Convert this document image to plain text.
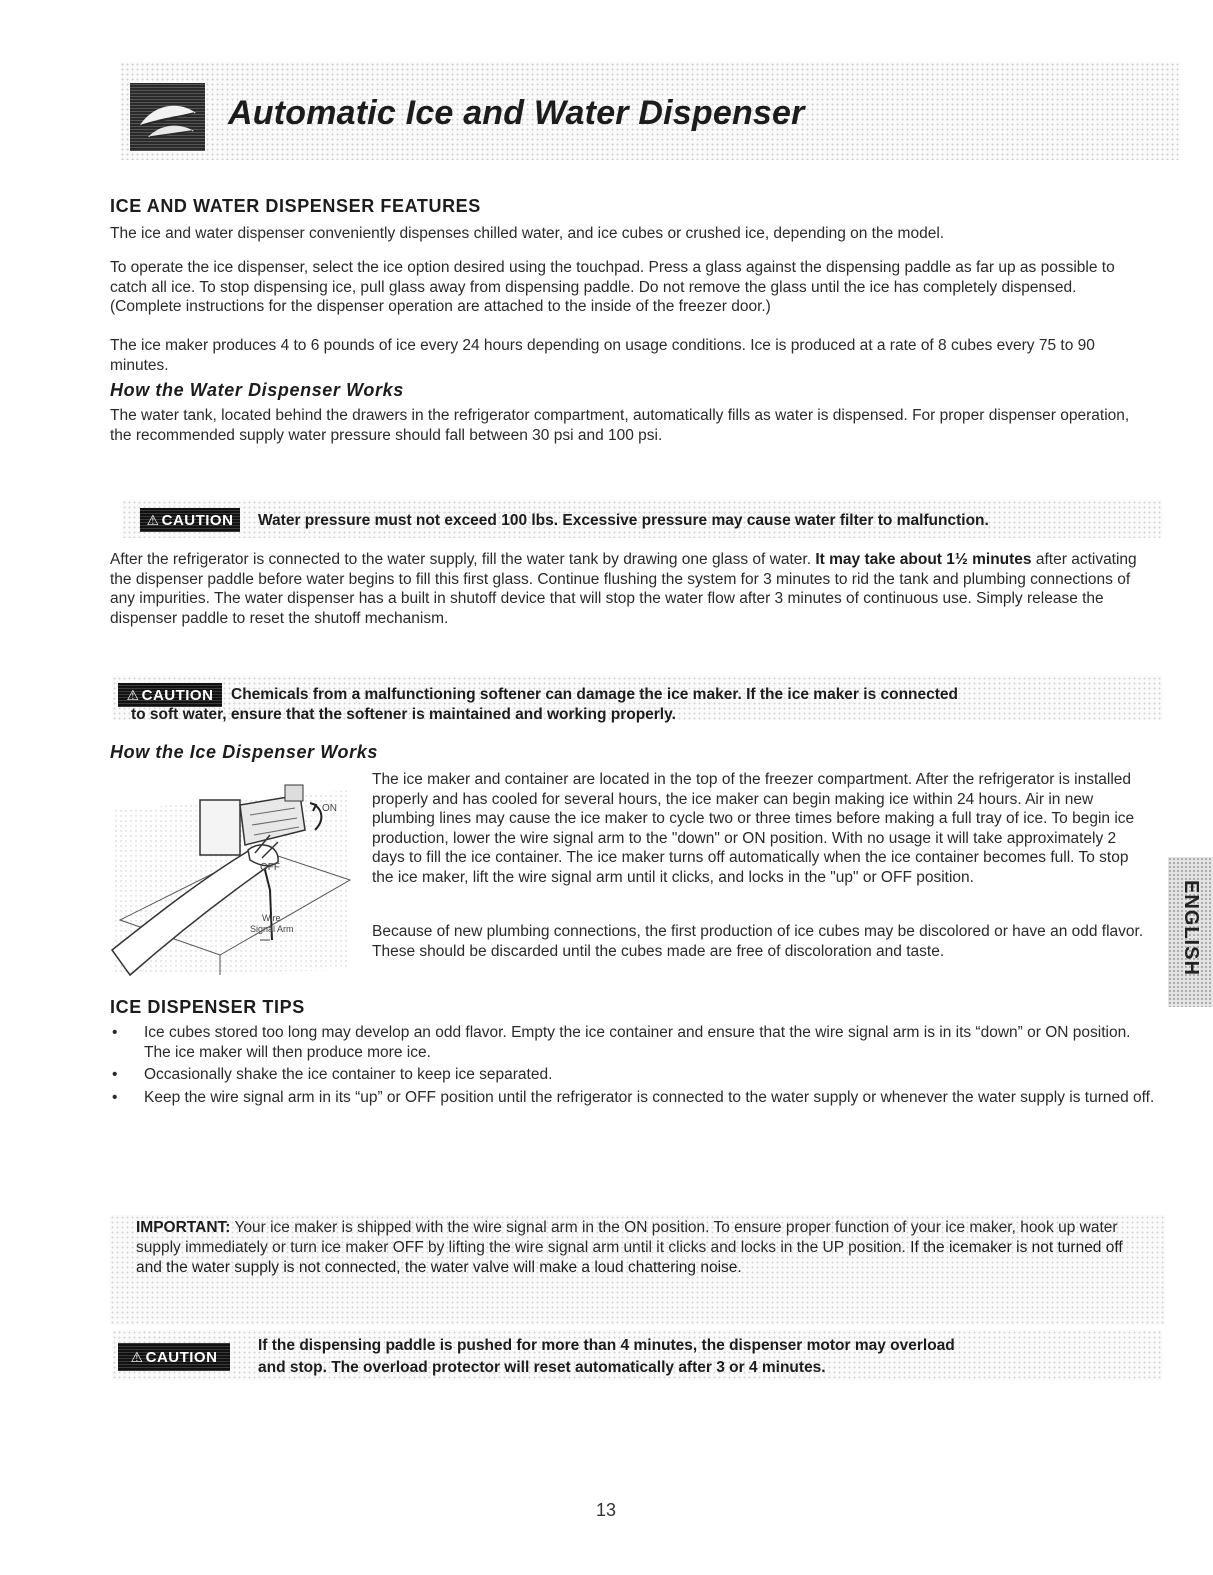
Automatic Ice and Water Dispenser
ICE AND WATER DISPENSER FEATURES

The ice and water dispenser conveniently dispenses chilled water, and ice cubes or crushed ice, depending on the model.

To operate the ice dispenser, select the ice option desired using the touchpad. Press a glass against the dispensing paddle as far up as possible to catch all ice. To stop dispensing ice, pull glass away from dispensing paddle. Do not remove the glass until the ice has completely dispensed. (Complete instructions for the dispenser operation are attached to the inside of the freezer door.)

The ice maker produces 4 to 6 pounds of ice every 24 hours depending on usage conditions. Ice is produced at a rate of 8 cubes every 75 to 90 minutes.

How the Water Dispenser Works

The water tank, located behind the drawers in the refrigerator compartment, automatically fills as water is dispensed. For proper dispenser operation, the recommended supply water pressure should fall between 30 psi and 100 psi.

⚠ CAUTION	Water pressure must not exceed 100 lbs. Excessive pressure may cause water filter to malfunction.

After the refrigerator is connected to the water supply, fill the water tank by drawing one glass of water. It may take about 1½ minutes after activating the dispenser paddle before water begins to fill this first glass. Continue flushing the system for 3 minutes to rid the tank and plumbing connections of any impurities. The water dispenser has a built in shutoff device that will stop the water flow after 3 minutes of continuous use. Simply release the dispenser paddle to reset the shutoff mechanism.

⚠ CAUTION	Chemicals from a malfunctioning softener can damage the ice maker. If the ice maker is connected

to soft water, ensure that the softener is maintained and working properly.

How the Ice Dispenser Works
ON
OFF
Wire
Signal Arm

The ice maker and container are located in the top of the freezer compartment. After the refrigerator is installed properly and has cooled for several hours, the ice maker can begin making ice within 24 hours. Air in new plumbing lines may cause the ice maker to cycle two or three times before making a full tray of ice. To begin ice production, lower the wire signal arm to the "down" or ON position. With no usage it will take approximately 2 days to fill the ice container. The ice maker turns off automatically when the ice container becomes full. To stop the ice maker, lift the wire signal arm until it clicks, and locks in the "up" or OFF position.

Because of new plumbing connections, the first production of ice cubes may be discolored or have an odd flavor. These should be discarded until the cubes made are free of discoloration and taste.

ICE DISPENSER TIPS
• Ice cubes stored too long may develop an odd flavor. Empty the ice container and ensure that the wire signal arm is in its “down” or ON position. The ice maker will then produce more ice.
• Occasionally shake the ice container to keep ice separated.
• Keep the wire signal arm in its “up” or OFF position until the refrigerator is connected to the water supply or whenever the water supply is turned off.

IMPORTANT: Your ice maker is shipped with the wire signal arm in the ON position. To ensure proper function of your ice maker, hook up water supply immediately or turn ice maker OFF by lifting the wire signal arm until it clicks and locks in the UP position. If the icemaker is not turned off and the water supply is not connected, the water valve will make a loud chattering noise.

⚠ CAUTION

If the dispensing paddle is pushed for more than 4 minutes, the dispenser motor may overload

and stop. The overload protector will reset automatically after 3 or 4 minutes.

ENGLISH
13
